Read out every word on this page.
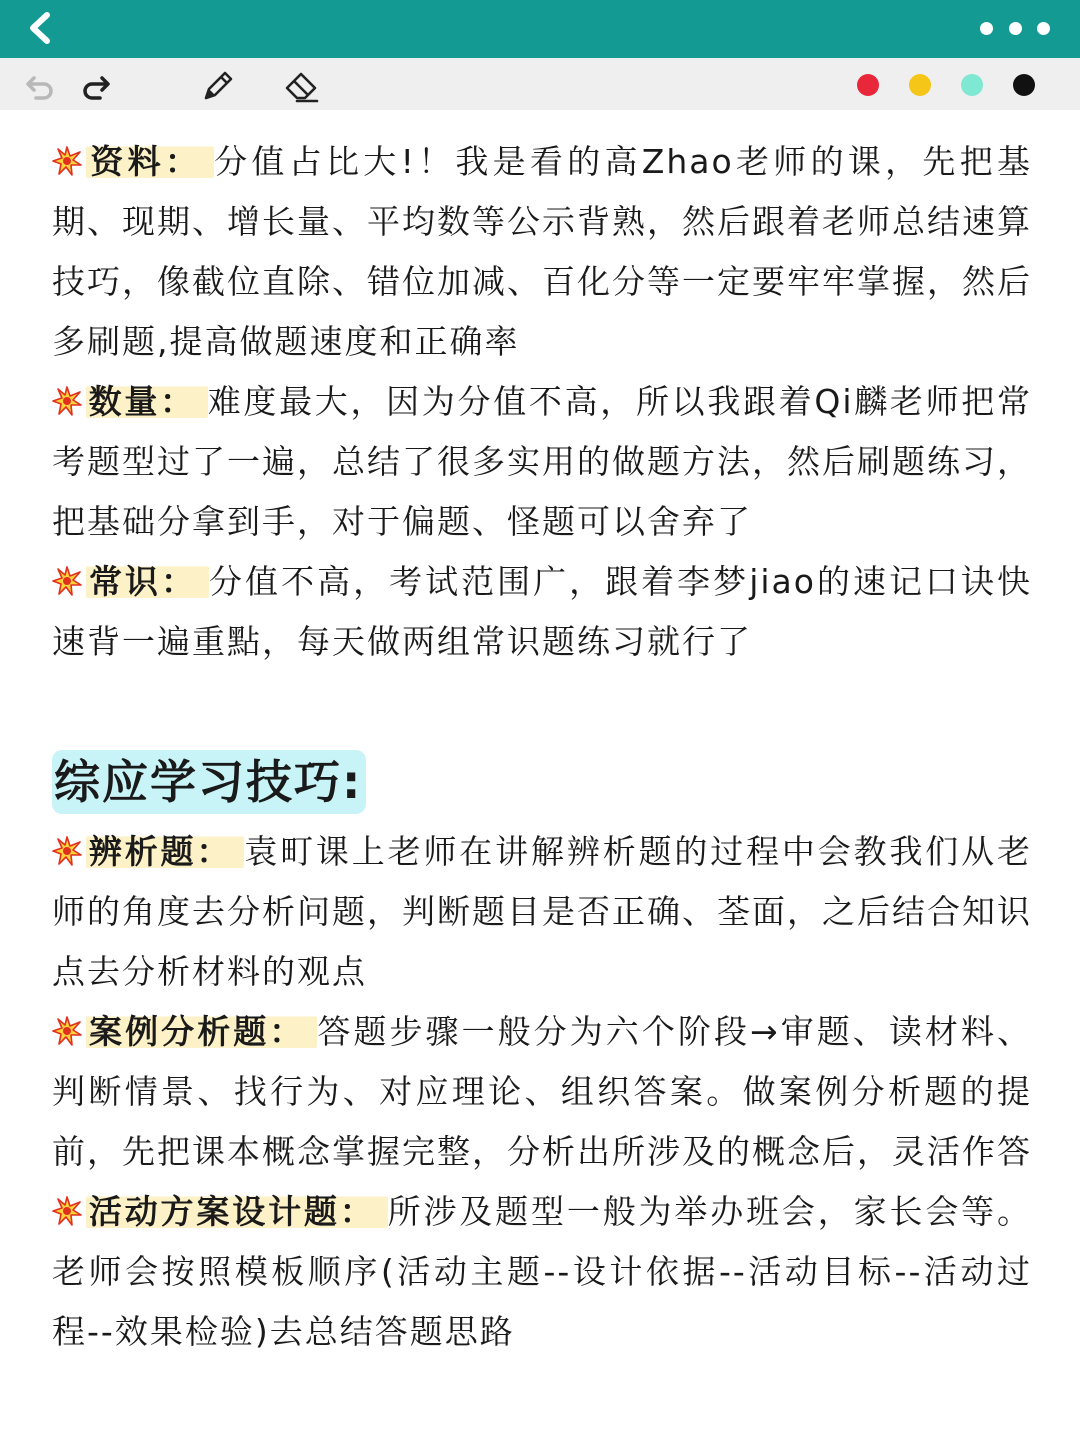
资料： 分值占比大!！我是看的高Zhao老师的课，先把基期、现期、增长量、平均数等公示背熟，然后跟着老师总结速算技巧，像截位直除、错位加减、百化分等一定要牢牢掌握，然后多刷题,提高做题速度和正确率

数量： 难度最大，因为分值不高，所以我跟着Qi麟老师把常考题型过了一遍，总结了很多实用的做题方法，然后刷题练习，把基础分拿到手，对于偏题、怪题可以舍弃了

常识： 分值不高，考试范围广，跟着李梦jiao的速记口诀快速背一遍重點，每天做两组常识题练习就行了

综应学习技巧:

辨析题： 袁町课上老师在讲解辨析题的过程中会教我们从老师的角度去分析问题，判断题目是否正确、荃面，之后结合知识点去分析材料的观点

案例分析题： 答题步骤一般分为六个阶段→审题、读材料、判断情景、找行为、对应理论、组织答案。做案例分析题的提前，先把课本概念掌握完整，分析出所涉及的概念后，灵活作答

活动方案设计题： 所涉及题型一般为举办班会，家长会等。老师会按照模板顺序(活动主题--设计依据--活动目标--活动过程--效果检验)去总结答题思路
